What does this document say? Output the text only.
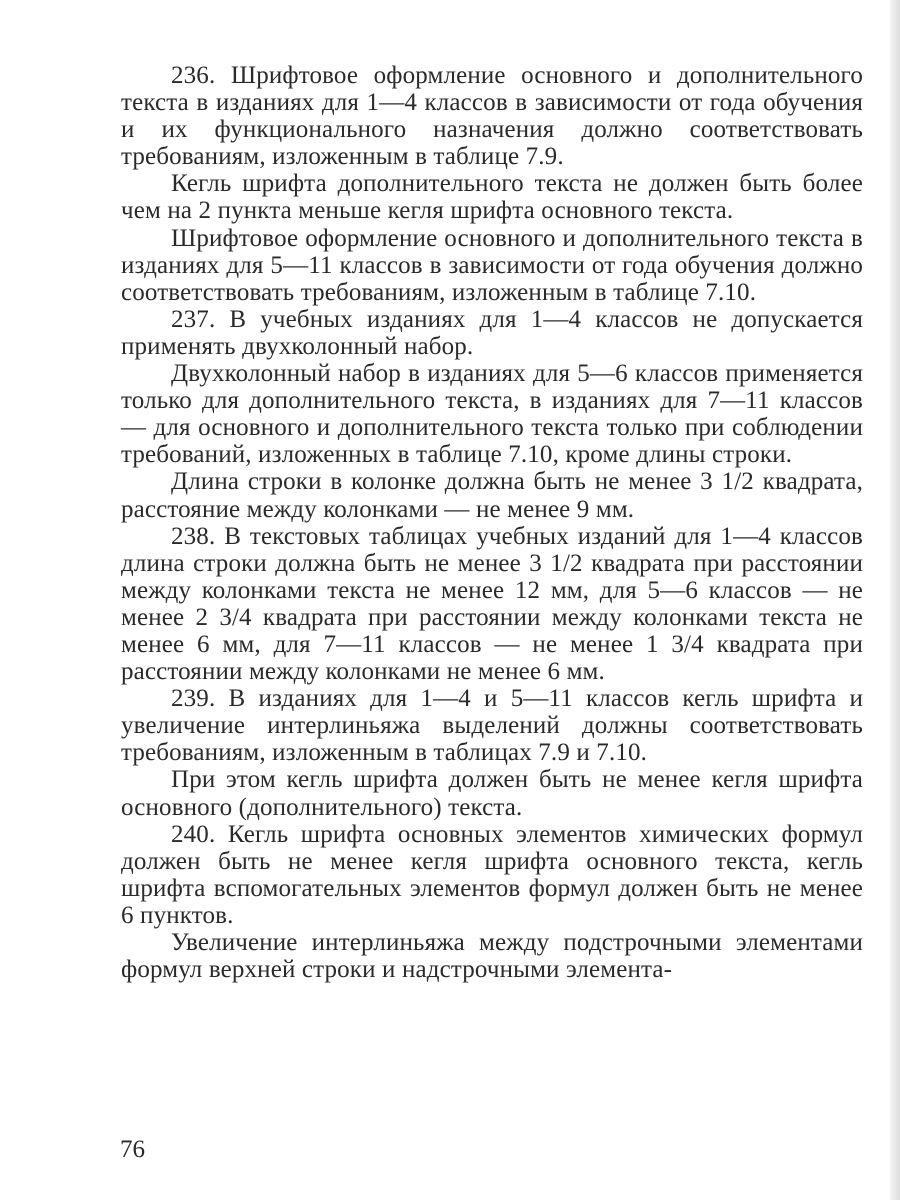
236. Шрифтовое оформление основного и дополнительного текста в изданиях для 1—4 классов в зависимости от года обучения и их функционального назначения должно соответствовать требованиям, изложенным в таблице 7.9.

Кегль шрифта дополнительного текста не должен быть более чем на 2 пункта меньше кегля шрифта основного текста.

Шрифтовое оформление основного и дополнительного текста в изданиях для 5—11 классов в зависимости от года обучения должно соответствовать требованиям, изложенным в таблице 7.10.

237. В учебных изданиях для 1—4 классов не допускается применять двухколонный набор.

Двухколонный набор в изданиях для 5—6 классов применяется только для дополнительного текста, в изданиях для 7—11 классов — для основного и дополнительного текста только при соблюдении требований, изложенных в таблице 7.10, кроме длины строки.

Длина строки в колонке должна быть не менее 3 1/2 квадрата, расстояние между колонками — не менее 9 мм.

238. В текстовых таблицах учебных изданий для 1—4 классов длина строки должна быть не менее 3 1/2 квадрата при расстоянии между колонками текста не менее 12 мм, для 5—6 классов — не менее 2 3/4 квадрата при расстоянии между колонками текста не менее 6 мм, для 7—11 классов — не менее 1 3/4 квадрата при расстоянии между колонками не менее 6 мм.

239. В изданиях для 1—4 и 5—11 классов кегль шрифта и увеличение интерлиньяжа выделений должны соответствовать требованиям, изложенным в таблицах 7.9 и 7.10.

При этом кегль шрифта должен быть не менее кегля шрифта основного (дополнительного) текста.

240. Кегль шрифта основных элементов химических формул должен быть не менее кегля шрифта основного текста, кегль шрифта вспомогательных элементов формул должен быть не менее 6 пунктов.

Увеличение интерлиньяжа между подстрочными элементами формул верхней строки и надстрочными элемента-

76
